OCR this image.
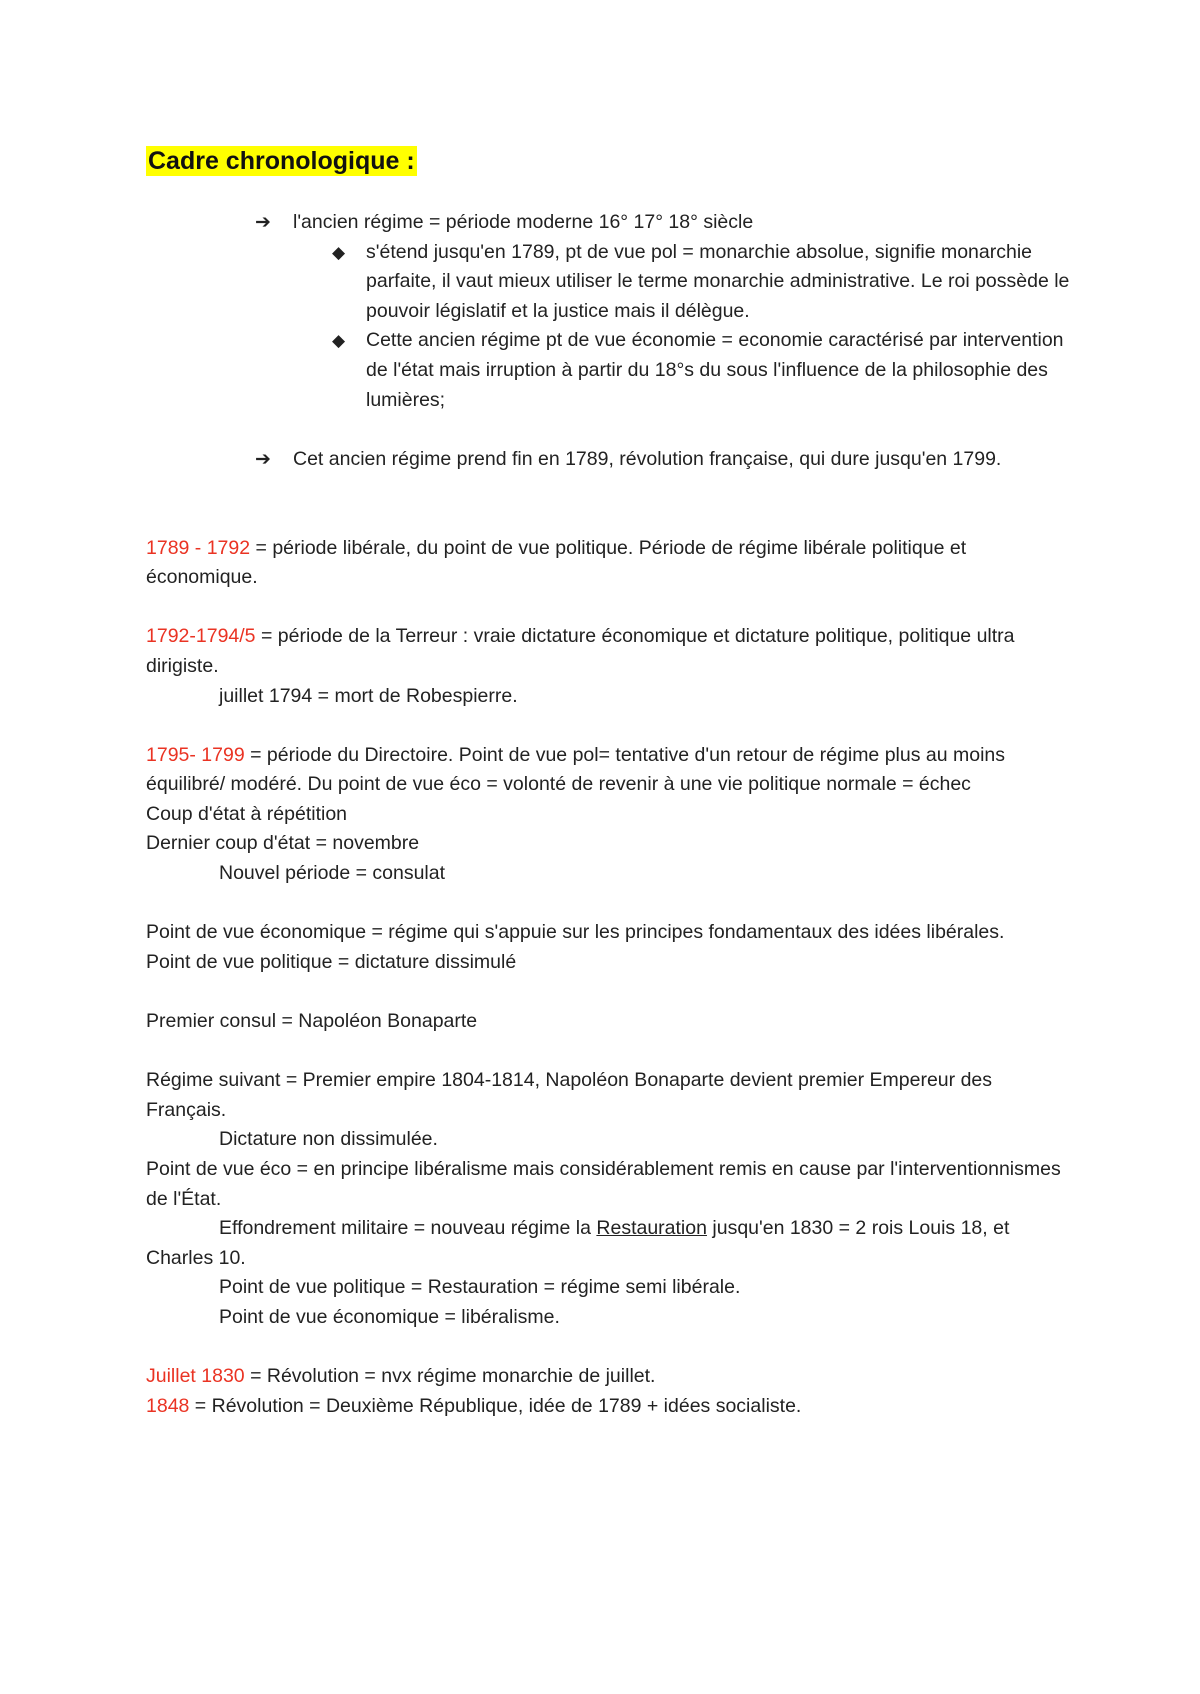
Cadre chronologique :
➔ l'ancien régime = période moderne 16° 17° 18° siècle
◆ s'étend jusqu'en 1789, pt de vue pol = monarchie absolue, signifie monarchie parfaite, il vaut mieux utiliser le terme monarchie administrative. Le roi possède le pouvoir législatif et la justice mais il délègue.
◆ Cette ancien régime pt de vue économie = economie caractérisé par intervention de l'état mais irruption à partir du 18°s du sous l'influence de la philosophie des lumières;
➔ Cet ancien régime prend fin en 1789, révolution française, qui dure jusqu'en 1799.

1789 - 1792 = période libérale, du point de vue politique. Période de régime libérale politique et économique.

1792-1794/5 = période de la Terreur : vraie dictature économique et dictature politique, politique ultra dirigiste.

juillet 1794 = mort de Robespierre.

1795- 1799 = période du Directoire. Point de vue pol= tentative d'un retour de régime plus au moins équilibré/ modéré. Du point de vue éco = volonté de revenir à une vie politique normale = échec

Coup d'état à répétition

Dernier coup d'état = novembre

Nouvel période = consulat

Point de vue économique = régime qui s'appuie sur les principes fondamentaux des idées libérales.

Point de vue politique = dictature dissimulé

Premier consul = Napoléon Bonaparte

Régime suivant = Premier empire 1804-1814, Napoléon Bonaparte devient premier Empereur des Français.

Dictature non dissimulée.

Point de vue éco = en principe libéralisme mais considérablement remis en cause par l'interventionnismes de l'État.

Effondrement militaire = nouveau régime la Restauration jusqu'en 1830 = 2 rois Louis 18, et Charles 10.

Point de vue politique = Restauration = régime semi libérale.

Point de vue économique = libéralisme.

Juillet 1830 = Révolution = nvx régime monarchie de juillet.

1848 = Révolution = Deuxième République, idée de 1789 + idées socialiste.
